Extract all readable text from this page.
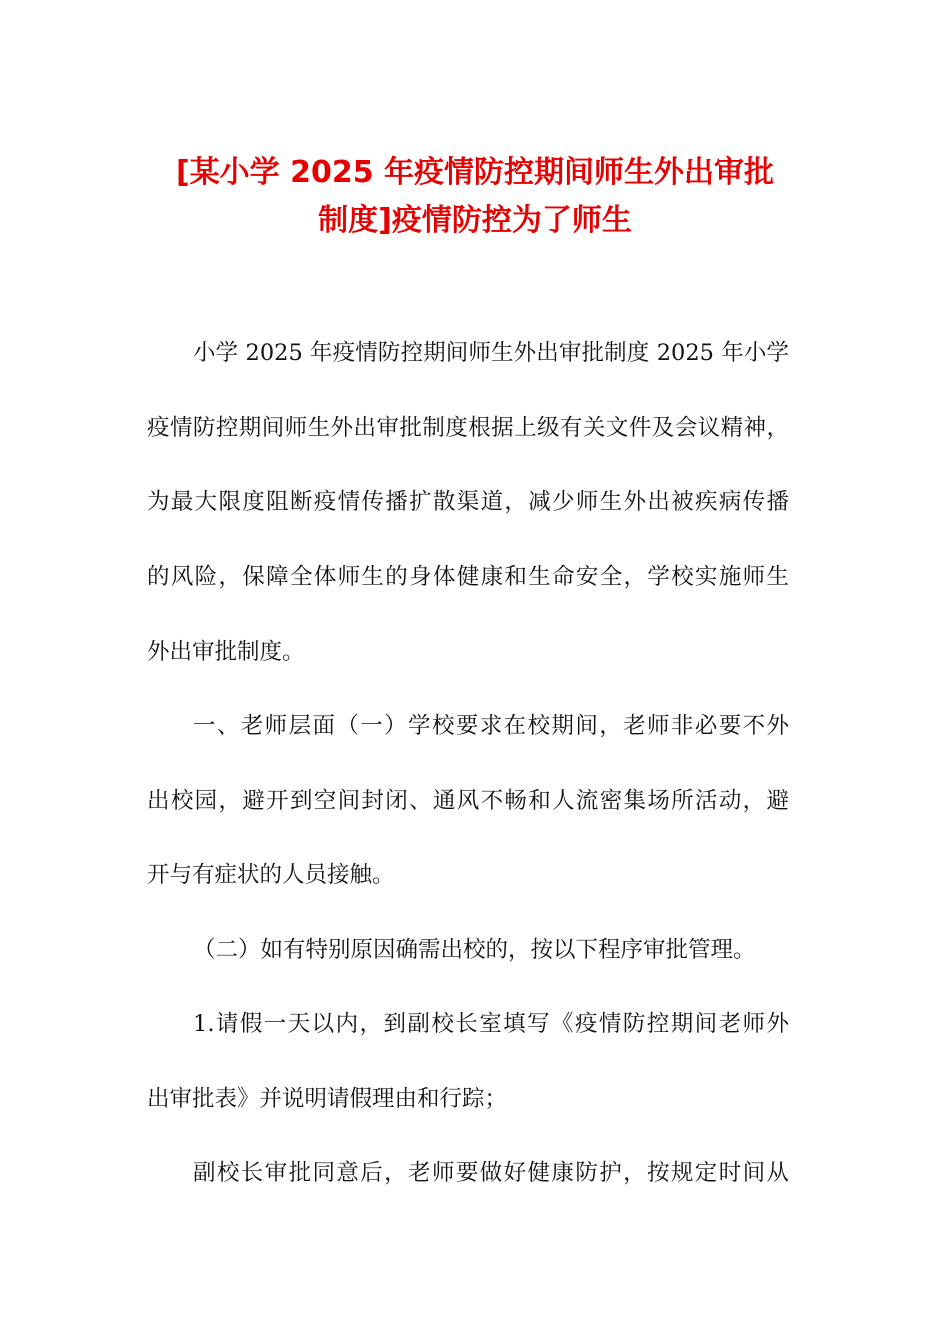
[某小学 2025 年疫情防控期间师生外出审批
制度]疫情防控为了师生
小学 2025 年疫情防控期间师生外出审批制度 2025 年小学
疫情防控期间师生外出审批制度根据上级有关文件及会议精神，
为最大限度阻断疫情传播扩散渠道，减少师生外出被疾病传播
的风险，保障全体师生的身体健康和生命安全，学校实施师生
外出审批制度。
一、老师层面（一）学校要求在校期间，老师非必要不外
出校园，避开到空间封闭、通风不畅和人流密集场所活动，避
开与有症状的人员接触。
（二）如有特别原因确需出校的，按以下程序审批管理。
1.请假一天以内，到副校长室填写《疫情防控期间老师外
出审批表》并说明请假理由和行踪；
副校长审批同意后，老师要做好健康防护，按规定时间从
